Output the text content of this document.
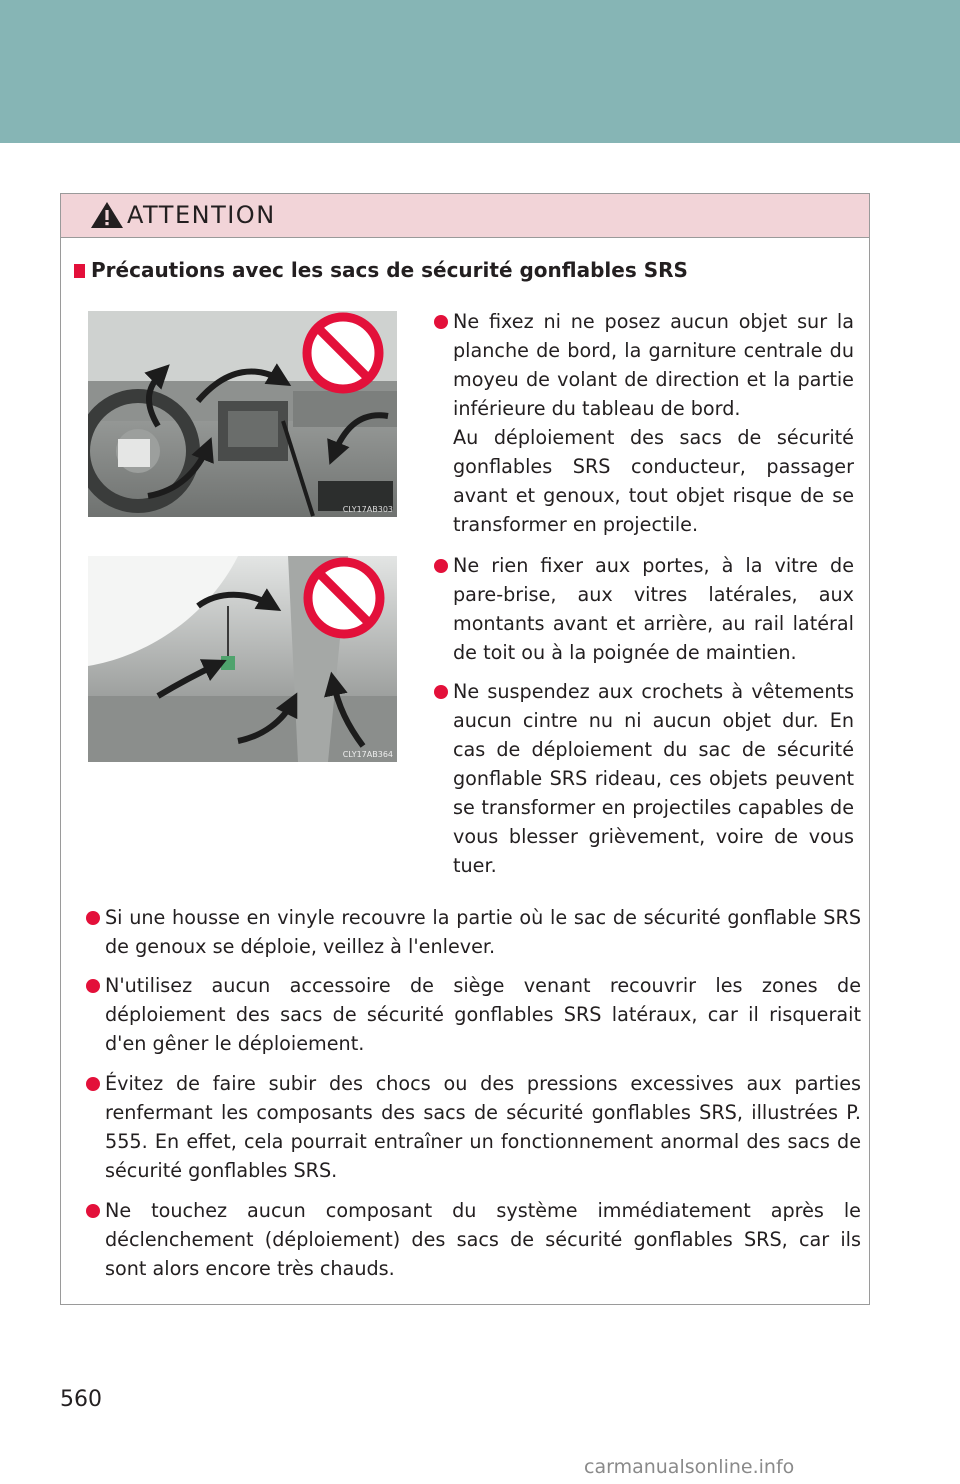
ATTENTION
Précautions avec les sacs de sécurité gonflables SRS
CLY17AB303
CLY17AB364
Ne fixez ni ne posez aucun objet sur la planche de bord, la garniture centrale du moyeu de volant de direction et la partie inférieure du tableau de bord.
Au déploiement des sacs de sécurité gonflables SRS conducteur, passager avant et genoux, tout objet risque de se transformer en projectile.
Ne rien fixer aux portes, à la vitre de pare-brise, aux vitres latérales, aux montants avant et arrière, au rail latéral de toit ou à la poignée de maintien.
Ne suspendez aux crochets à vêtements aucun cintre nu ni aucun objet dur. En cas de déploiement du sac de sécurité gonflable SRS rideau, ces objets peuvent se transformer en projectiles capables de vous blesser grièvement, voire de vous tuer.
Si une housse en vinyle recouvre la partie où le sac de sécurité gonflable SRS de genoux se déploie, veillez à l'enlever.
N'utilisez aucun accessoire de siège venant recouvrir les zones de déploiement des sacs de sécurité gonflables SRS latéraux, car il risquerait d'en gêner le déploiement.
Évitez de faire subir des chocs ou des pressions excessives aux parties renfermant les composants des sacs de sécurité gonflables SRS, illustrées P. 555. En effet, cela pourrait entraîner un fonctionnement anormal des sacs de sécurité gonflables SRS.
Ne touchez aucun composant du système immédiatement après le déclenchement (déploiement) des sacs de sécurité gonflables SRS, car ils sont alors encore très chauds.
560
carmanualsonline.info
